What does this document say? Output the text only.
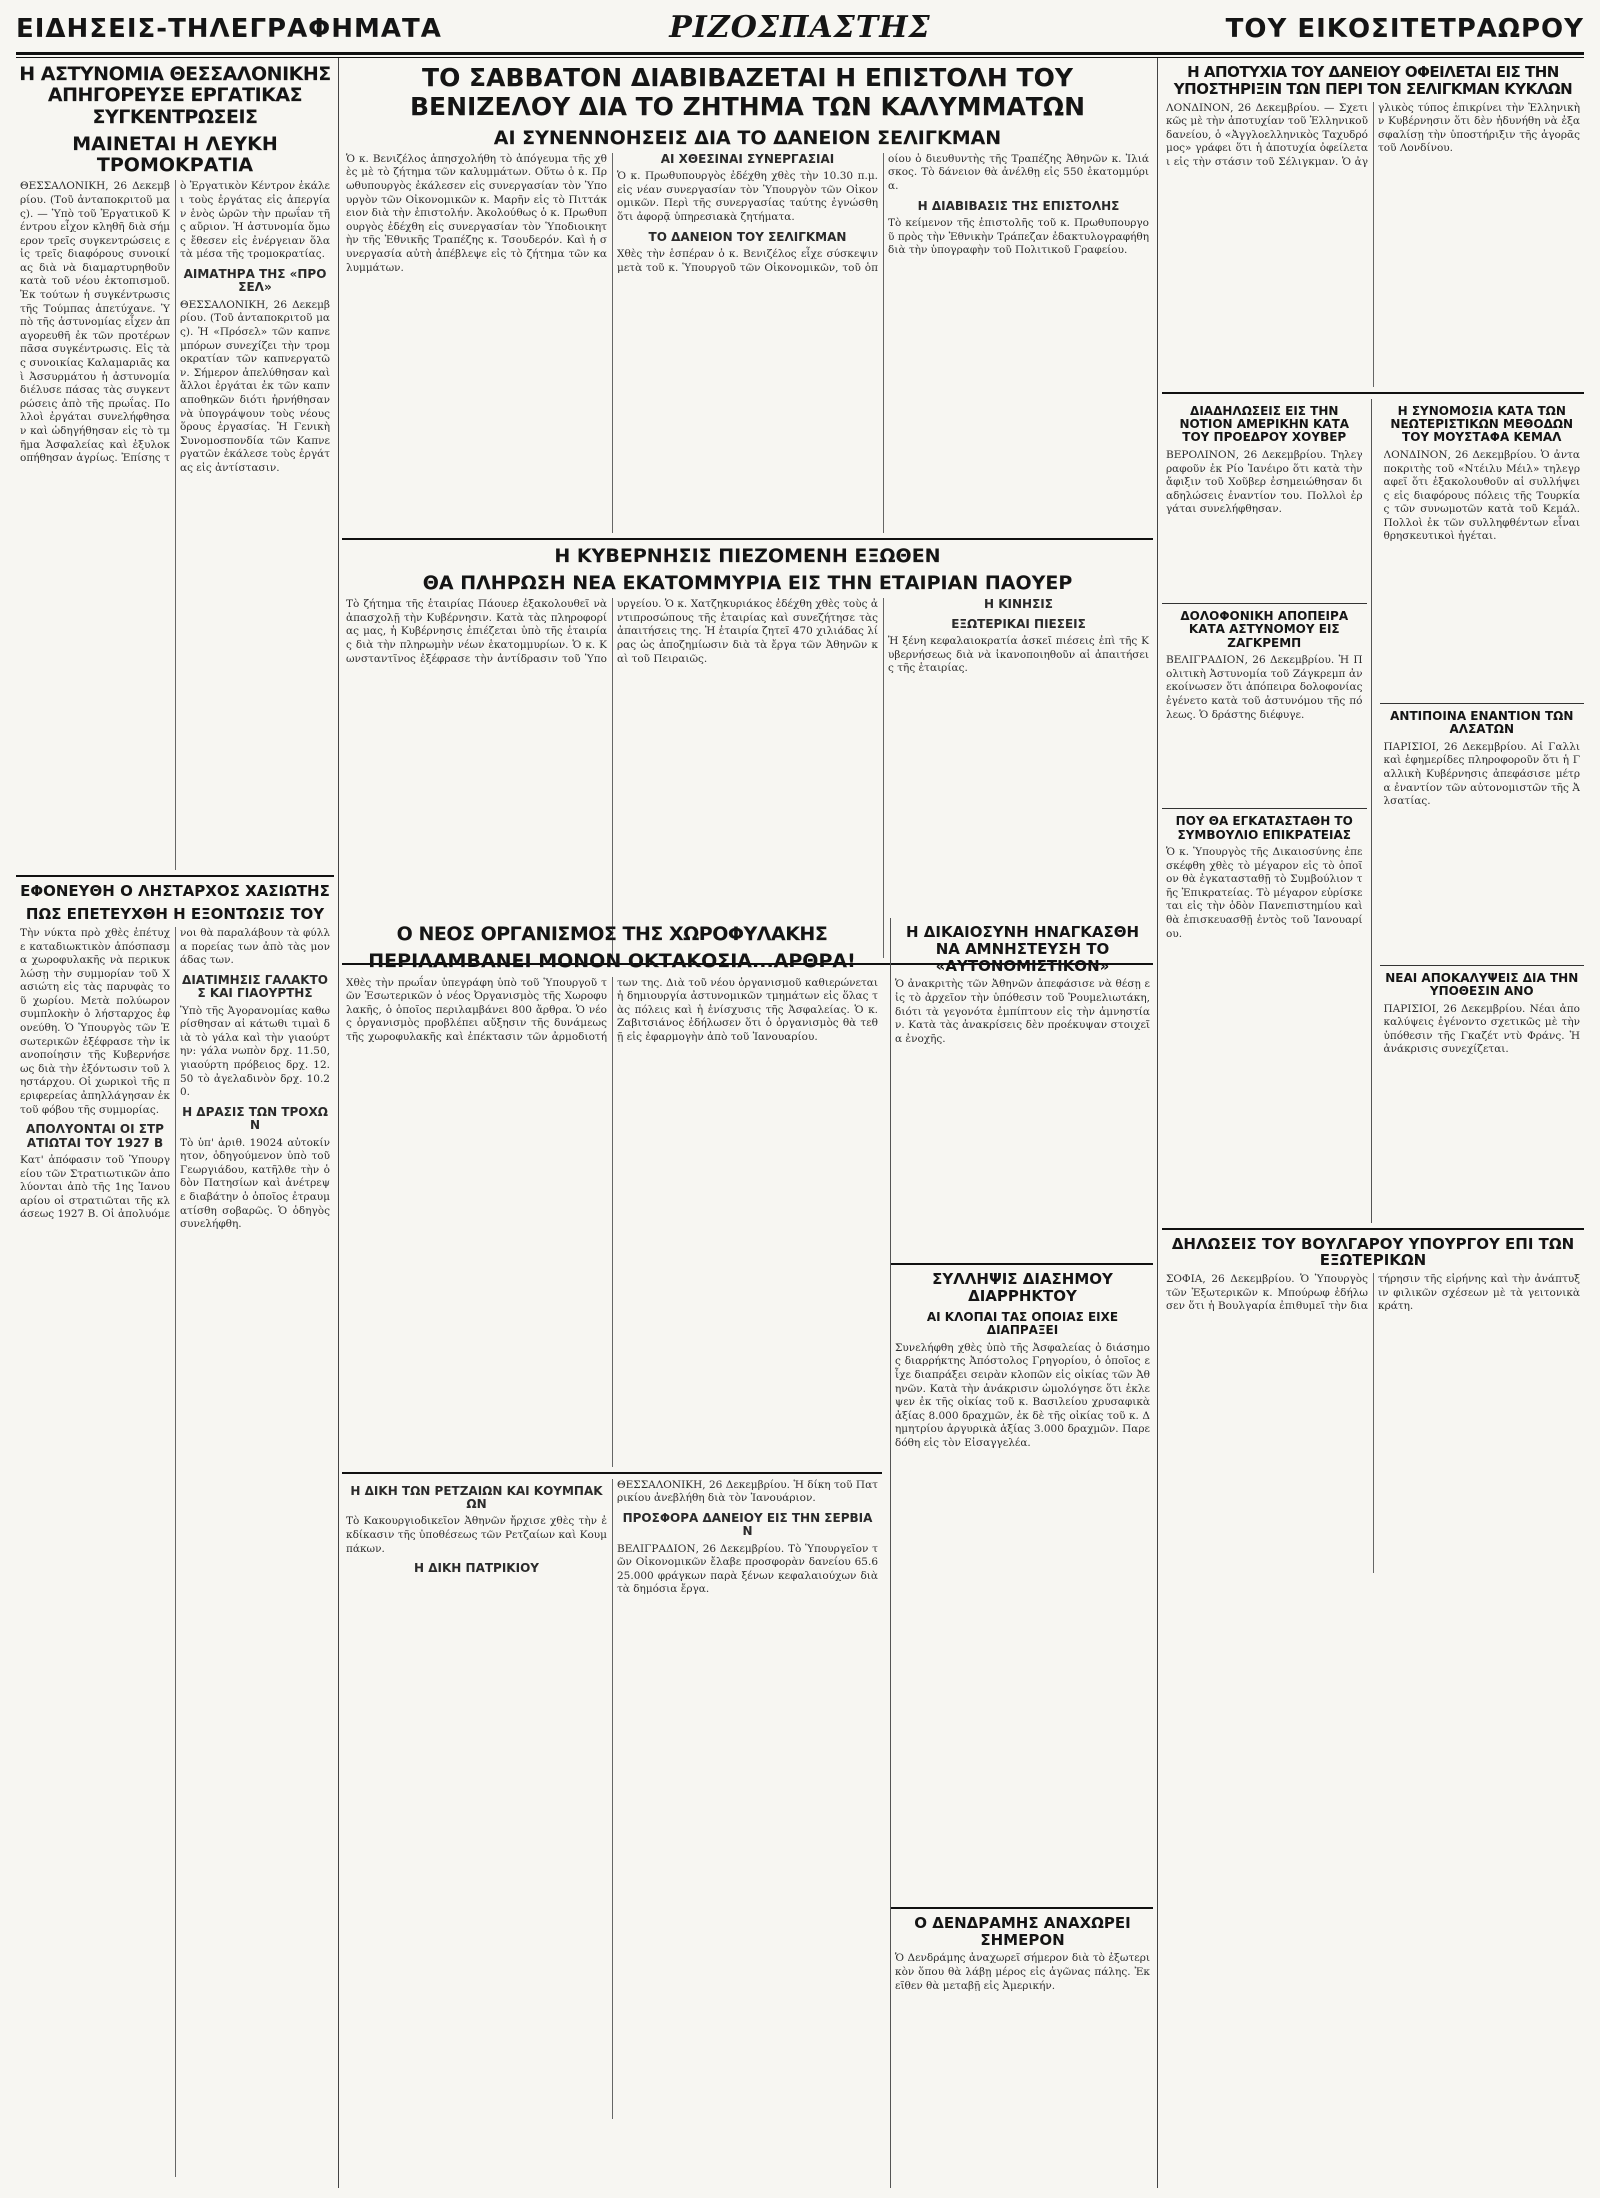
ΕΙΔΗΣΕΙΣ-ΤΗΛΕΓΡΑΦΗΜΑΤΑ	ΡΙΖΟΣΠΑΣΤΗΣ	ΤΟΥ ΕΙΚΟΣΙΤΕΤΡΑΩΡΟΥ
Η ΑΣΤΥΝΟΜΙΑ ΘΕΣΣΑΛΟΝΙΚΗΣ ΑΠΗΓΟΡΕΥΣΕ ΕΡΓΑΤΙΚΑΣ ΣΥΓΚΕΝΤΡΩΣΕΙΣ
ΜΑΙΝΕΤΑΙ Η ΛΕΥΚΗ ΤΡΟΜΟΚΡΑΤΙΑ
ΘΕΣΣΑΛΟΝΙΚΗ, 26 Δεκεμβρίου. (Τοῦ ἀνταποκριτοῦ μας). — Ὑπὸ τοῦ Ἐργατικοῦ Κέντρου εἶχον κληθῆ διὰ σήμερον τρεῖς συγκεντρώσεις εἰς τρεῖς διαφόρους συνοικίας διὰ νὰ διαμαρτυρηθοῦν κατὰ τοῦ νέου ἐκτοπισμοῦ. Ἐκ τούτων ἡ συγκέντρωσις τῆς Τούμπας ἀπετύχανε. Ὑπὸ τῆς ἀστυνομίας εἶχεν ἀπαγορευθῆ ἐκ τῶν προτέρων πᾶσα συγκέντρωσις. Εἰς τὰς συνοικίας Καλαμαριᾶς καὶ Ἀσσυρμάτου ἡ ἀστυνομία διέλυσε πάσας τὰς συγκεντρώσεις ἀπὸ τῆς πρωΐας. Πολλοὶ ἐργάται συνελήφθησαν καὶ ὡδηγήθησαν εἰς τὸ τμῆμα Ἀσφαλείας καὶ ἐξυλοκοπήθησαν ἀγρίως. Ἐπίσης τὸ Ἐργατικὸν Κέντρον ἐκάλει τοὺς ἐργάτας εἰς ἀπεργίαν ἑνὸς ὡρῶν τὴν πρωΐαν τῆς αὔριον. Ἡ ἀστυνομία ὅμως ἔθεσεν εἰς ἐνέργειαν ὅλα τὰ μέσα τῆς τρομοκρατίας.
ΑΙΜΑΤΗΡΑ ΤΗΣ «ΠΡΟΣΕΛ»
ΘΕΣΣΑΛΟΝΙΚΗ, 26 Δεκεμβρίου. (Τοῦ ἀνταποκριτοῦ μας). Ἡ «Πρόσελ» τῶν καπνεμπόρων συνεχίζει τὴν τρομοκρατίαν τῶν καπνεργατῶν. Σήμερον ἀπελύθησαν καὶ ἄλλοι ἐργάται ἐκ τῶν καπναποθηκῶν διότι ἠρνήθησαν νὰ ὑπογράψουν τοὺς νέους ὅρους ἐργασίας. Ἡ Γενικὴ Συνομοσπονδία τῶν Καπνεργατῶν ἐκάλεσε τοὺς ἐργάτας εἰς ἀντίστασιν.
ΕΦΟΝΕΥΘΗ Ο ΛΗΣΤΑΡΧΟΣ ΧΑΣΙΩΤΗΣ
ΠΩΣ ΕΠΕΤΕΥΧΘΗ Η ΕΞΟΝΤΩΣΙΣ ΤΟΥ
Τὴν νύκτα πρὸ χθὲς ἐπέτυχε καταδιωκτικὸν ἀπόσπασμα χωροφυλακῆς νὰ περικυκλώσῃ τὴν συμμορίαν τοῦ Χασιώτη εἰς τὰς παρυφὰς τοῦ χωρίου. Μετὰ πολύωρον συμπλοκὴν ὁ λήσταρχος ἐφονεύθη. Ὁ Ὑπουργὸς τῶν Ἐσωτερικῶν ἐξέφρασε τὴν ἱκανοποίησιν τῆς Κυβερνήσεως διὰ τὴν ἐξόντωσιν τοῦ ληστάρχου. Οἱ χωρικοὶ τῆς περιφερείας ἀπηλλάγησαν ἐκ τοῦ φόβου τῆς συμμορίας.
ΑΠΟΛΥΟΝΤΑΙ ΟΙ ΣΤΡΑΤΙΩΤΑΙ ΤΟΥ 1927 Β
Κατ' ἀπόφασιν τοῦ Ὑπουργείου τῶν Στρατιωτικῶν ἀπολύονται ἀπὸ τῆς 1ης Ἰανουαρίου οἱ στρατιῶται τῆς κλάσεως 1927 Β. Οἱ ἀπολυόμενοι θὰ παραλάβουν τὰ φύλλα πορείας των ἀπὸ τὰς μονάδας των.
ΔΙΑΤΙΜΗΣΙΣ ΓΑΛΑΚΤΟΣ ΚΑΙ ΓΙΑΟΥΡΤΗΣ
Ὑπὸ τῆς Ἀγορανομίας καθωρίσθησαν αἱ κάτωθι τιμαὶ διὰ τὸ γάλα καὶ τὴν γιαούρτην: γάλα νωπὸν δρχ. 11.50, γιαούρτη πρόβειος δρχ. 12.50 τὸ ἀγελαδινὸν δρχ. 10.20.
Η ΔΡΑΣΙΣ ΤΩΝ ΤΡΟΧΩΝ
Τὸ ὑπ' ἀριθ. 19024 αὐτοκίνητον, ὁδηγούμενον ὑπὸ τοῦ Γεωργιάδου, κατῆλθε τὴν ὁδὸν Πατησίων καὶ ἀνέτρεψε διαβάτην ὁ ὁποῖος ἐτραυματίσθη σοβαρῶς. Ὁ ὁδηγὸς συνελήφθη.
ΤΟ ΣΑΒΒΑΤΟΝ ΔΙΑΒΙΒΑΖΕΤΑΙ Η ΕΠΙΣΤΟΛΗ ΤΟΥ ΒΕΝΙΖΕΛΟΥ ΔΙΑ ΤΟ ΖΗΤΗΜΑ ΤΩΝ ΚΑΛΥΜΜΑΤΩΝ
ΑΙ ΣΥΝΕΝΝΟΗΣΕΙΣ ΔΙΑ ΤΟ ΔΑΝΕΙΟΝ ΣΕΛΙΓΚΜΑΝ
Ὁ κ. Βενιζέλος ἀπησχολήθη τὸ ἀπόγευμα τῆς χθὲς μὲ τὸ ζήτημα τῶν καλυμμάτων. Οὕτω ὁ κ. Πρωθυπουργὸς ἐκάλεσεν εἰς συνεργασίαν τὸν Ὑπουργὸν τῶν Οἰκονομικῶν κ. Μαρῆν εἰς τὸ Πιττάκειον διὰ τὴν ἐπιστολήν. Ἀκολούθως ὁ κ. Πρωθυπουργὸς ἐδέχθη εἰς συνεργασίαν τὸν Ὑποδιοικητὴν τῆς Ἐθνικῆς Τραπέζης κ. Τσουδερόν. Καὶ ἡ συνεργασία αὐτὴ ἀπέβλεψε εἰς τὸ ζήτημα τῶν καλυμμάτων.
ΑΙ ΧΘΕΣΙΝΑΙ ΣΥΝΕΡΓΑΣΙΑΙ
Ὁ κ. Πρωθυπουργὸς ἐδέχθη χθὲς τὴν 10.30 π.μ. εἰς νέαν συνεργασίαν τὸν Ὑπουργὸν τῶν Οἰκονομικῶν. Περὶ τῆς συνεργασίας ταύτης ἐγνώσθη ὅτι ἀφορᾷ ὑπηρεσιακὰ ζητήματα.
ΤΟ ΔΑΝΕΙΟΝ ΤΟΥ ΣΕΛΙΓΚΜΑΝ
Χθὲς τὴν ἑσπέραν ὁ κ. Βενιζέλος εἶχε σύσκεψιν μετὰ τοῦ κ. Ὑπουργοῦ τῶν Οἰκονομικῶν, τοῦ ὁποίου ὁ διευθυντὴς τῆς Τραπέζης Ἀθηνῶν κ. Ἰλιάσκος. Τὸ δάνειον θὰ ἀνέλθῃ εἰς 550 ἑκατομμύρια.
Η ΔΙΑΒΙΒΑΣΙΣ ΤΗΣ ΕΠΙΣΤΟΛΗΣ
Τὸ κείμενον τῆς ἐπιστολῆς τοῦ κ. Πρωθυπουργοῦ πρὸς τὴν Ἐθνικὴν Τράπεζαν ἐδακτυλογραφήθη διὰ τὴν ὑπογραφὴν τοῦ Πολιτικοῦ Γραφείου.
Η ΚΥΒΕΡΝΗΣΙΣ ΠΙΕΖΟΜΕΝΗ ΕΞΩΘΕΝ
ΘΑ ΠΛΗΡΩΣΗ ΝΕΑ ΕΚΑΤΟΜΜΥΡΙΑ ΕΙΣ ΤΗΝ ΕΤΑΙΡΙΑΝ ΠΑΟΥΕΡ
Τὸ ζήτημα τῆς ἑταιρίας Πάουερ ἐξακολουθεῖ νὰ ἀπασχολῇ τὴν Κυβέρνησιν. Κατὰ τὰς πληροφορίας μας, ἡ Κυβέρνησις ἐπιέζεται ὑπὸ τῆς ἑταιρίας διὰ τὴν πληρωμὴν νέων ἑκατομμυρίων. Ὁ κ. Κωνσταντῖνος ἐξέφρασε τὴν ἀντίδρασιν τοῦ Ὑπουργείου. Ὁ κ. Χατζηκυριάκος ἐδέχθη χθὲς τοὺς ἀντιπροσώπους τῆς ἑταιρίας καὶ συνεζήτησε τὰς ἀπαιτήσεις της. Ἡ ἑταιρία ζητεῖ 470 χιλιάδας λίρας ὡς ἀποζημίωσιν διὰ τὰ ἔργα τῶν Ἀθηνῶν καὶ τοῦ Πειραιῶς.
Η ΚΙΝΗΣΙΣ
ΕΞΩΤΕΡΙΚΑΙ ΠΙΕΣΕΙΣ
Ἡ ξένη κεφαλαιοκρατία ἀσκεῖ πιέσεις ἐπὶ τῆς Κυβερνήσεως διὰ νὰ ἱκανοποιηθοῦν αἱ ἀπαιτήσεις τῆς ἑταιρίας.
Ο ΝΕΟΣ ΟΡΓΑΝΙΣΜΟΣ ΤΗΣ ΧΩΡΟΦΥΛΑΚΗΣ
ΠΕΡΙΛΑΜΒΑΝΕΙ ΜΟΝΟΝ ΟΚΤΑΚΟΣΙΑ...ΑΡΘΡΑ!
Χθὲς τὴν πρωΐαν ὑπεγράφη ὑπὸ τοῦ Ὑπουργοῦ τῶν Ἐσωτερικῶν ὁ νέος Ὀργανισμὸς τῆς Χωροφυλακῆς, ὁ ὁποῖος περιλαμβάνει 800 ἄρθρα. Ὁ νέος ὀργανισμὸς προβλέπει αὔξησιν τῆς δυνάμεως τῆς χωροφυλακῆς καὶ ἐπέκτασιν τῶν ἀρμοδιοτήτων της. Διὰ τοῦ νέου ὀργανισμοῦ καθιερώνεται ἡ δημιουργία ἀστυνομικῶν τμημάτων εἰς ὅλας τὰς πόλεις καὶ ἡ ἐνίσχυσις τῆς Ἀσφαλείας. Ὁ κ. Ζαβιτσιάνος ἐδήλωσεν ὅτι ὁ ὀργανισμὸς θὰ τεθῇ εἰς ἐφαρμογὴν ἀπὸ τοῦ Ἰανουαρίου.
Η ΔΙΚΗ ΤΩΝ ΡΕΤΖΑΙΩΝ ΚΑΙ ΚΟΥΜΠΑΚΩΝ
Τὸ Κακουργιοδικεῖον Ἀθηνῶν ἤρχισε χθὲς τὴν ἐκδίκασιν τῆς ὑποθέσεως τῶν Ρετζαίων καὶ Κουμπάκων.
Η ΔΙΚΗ ΠΑΤΡΙΚΙΟΥ
ΘΕΣΣΑΛΟΝΙΚΗ, 26 Δεκεμβρίου. Ἡ δίκη τοῦ Πατρικίου ἀνεβλήθη διὰ τὸν Ἰανουάριον.
ΠΡΟΣΦΟΡΑ ΔΑΝΕΙΟΥ ΕΙΣ ΤΗΝ ΣΕΡΒΙΑΝ
ΒΕΛΙΓΡΑΔΙΟΝ, 26 Δεκεμβρίου. Τὸ Ὑπουργεῖον τῶν Οἰκονομικῶν ἔλαβε προσφορὰν δανείου 65.625.000 φράγκων παρὰ ξένων κεφαλαιούχων διὰ τὰ δημόσια ἔργα.
Η ΔΙΚΑΙΟΣΥΝΗ ΗΝΑΓΚΑΣΘΗ ΝΑ ΑΜΝΗΣΤΕΥΣΗ ΤΟ «ΑΥΤΟΝΟΜΙΣΤΙΚΟΝ»
Ὁ ἀνακριτὴς τῶν Ἀθηνῶν ἀπεφάσισε νὰ θέσῃ εἰς τὸ ἀρχεῖον τὴν ὑπόθεσιν τοῦ Ῥουμελιωτάκη, διότι τὰ γεγονότα ἐμπίπτουν εἰς τὴν ἀμνηστίαν. Κατὰ τὰς ἀνακρίσεις δὲν προέκυψαν στοιχεῖα ἐνοχῆς.
ΣΥΛΛΗΨΙΣ ΔΙΑΣΗΜΟΥ ΔΙΑΡΡΗΚΤΟΥ
ΑΙ ΚΛΟΠΑΙ ΤΑΣ ΟΠΟΙΑΣ ΕΙΧΕ ΔΙΑΠΡΑΞΕΙ
Συνελήφθη χθὲς ὑπὸ τῆς Ἀσφαλείας ὁ διάσημος διαρρήκτης Ἀπόστολος Γρηγορίου, ὁ ὁποῖος εἶχε διαπράξει σειρὰν κλοπῶν εἰς οἰκίας τῶν Ἀθηνῶν. Κατὰ τὴν ἀνάκρισιν ὡμολόγησε ὅτι ἐκλεψεν ἐκ τῆς οἰκίας τοῦ κ. Βασιλείου χρυσαφικὰ ἀξίας 8.000 δραχμῶν, ἐκ δὲ τῆς οἰκίας τοῦ κ. Δημητρίου ἀργυρικὰ ἀξίας 3.000 δραχμῶν. Παρεδόθη εἰς τὸν Εἰσαγγελέα.
Ο ΔΕΝΔΡΑΜΗΣ ΑΝΑΧΩΡΕΙ ΣΗΜΕΡΟΝ
Ὁ Δενδράμης ἀναχωρεῖ σήμερον διὰ τὸ ἐξωτερικὸν ὅπου θὰ λάβῃ μέρος εἰς ἀγῶνας πάλης. Ἐκεῖθεν θὰ μεταβῇ εἰς Ἀμερικήν.
Η ΑΠΟΤΥΧΙΑ ΤΟΥ ΔΑΝΕΙΟΥ ΟΦΕΙΛΕΤΑΙ ΕΙΣ ΤΗΝ ΥΠΟΣΤΗΡΙΞΙΝ ΤΩΝ ΠΕΡΙ ΤΟΝ ΣΕΛΙΓΚΜΑΝ ΚΥΚΛΩΝ
ΛΟΝΔΙΝΟΝ, 26 Δεκεμβρίου. — Σχετικῶς μὲ τὴν ἀποτυχίαν τοῦ Ἑλληνικοῦ δανείου, ὁ «Ἀγγλοελληνικὸς Ταχυδρόμος» γράφει ὅτι ἡ ἀποτυχία ὀφείλεται εἰς τὴν στάσιν τοῦ Σέλιγκμαν. Ὁ ἀγγλικὸς τύπος ἐπικρίνει τὴν Ἑλληνικὴν Κυβέρνησιν ὅτι δὲν ἠδυνήθη νὰ ἐξασφαλίσῃ τὴν ὑποστήριξιν τῆς ἀγορᾶς τοῦ Λονδίνου.
ΔΙΑΔΗΛΩΣΕΙΣ ΕΙΣ ΤΗΝ ΝΟΤΙΟΝ ΑΜΕΡΙΚΗΝ ΚΑΤΑ ΤΟΥ ΠΡΟΕΔΡΟΥ ΧΟΥΒΕΡ
ΒΕΡΟΛΙΝΟΝ, 26 Δεκεμβρίου. Τηλεγραφοῦν ἐκ Ρίο Ἰανέιρο ὅτι κατὰ τὴν ἄφιξιν τοῦ Χοῦβερ ἐσημειώθησαν διαδηλώσεις ἐναντίον του. Πολλοὶ ἐργάται συνελήφθησαν.
ΔΟΛΟΦΟΝΙΚΗ ΑΠΟΠΕΙΡΑ ΚΑΤΑ ΑΣΤΥΝΟΜΟΥ ΕΙΣ ΖΑΓΚΡΕΜΠ
ΒΕΛΙΓΡΑΔΙΟΝ, 26 Δεκεμβρίου. Ἡ Πολιτικὴ Ἀστυνομία τοῦ Ζάγκρεμπ ἀνεκοίνωσεν ὅτι ἀπόπειρα δολοφονίας ἐγένετο κατὰ τοῦ ἀστυνόμου τῆς πόλεως. Ὁ δράστης διέφυγε.
ΠΟΥ ΘΑ ΕΓΚΑΤΑΣΤΑΘΗ ΤΟ ΣΥΜΒΟΥΛΙΟ ΕΠΙΚΡΑΤΕΙΑΣ
Ὁ κ. Ὑπουργὸς τῆς Δικαιοσύνης ἐπεσκέφθη χθὲς τὸ μέγαρον εἰς τὸ ὁποῖον θὰ ἐγκατασταθῇ τὸ Συμβούλιον τῆς Ἐπικρατείας. Τὸ μέγαρον εὑρίσκεται εἰς τὴν ὁδὸν Πανεπιστημίου καὶ θὰ ἐπισκευασθῇ ἐντὸς τοῦ Ἰανουαρίου.
Η ΣΥΝΟΜΟΣΙΑ ΚΑΤΑ ΤΩΝ ΝΕΩΤΕΡΙΣΤΙΚΩΝ ΜΕΘΟΔΩΝ ΤΟΥ ΜΟΥΣΤΑΦΑ ΚΕΜΑΛ
ΛΟΝΔΙΝΟΝ, 26 Δεκεμβρίου. Ὁ ἀνταποκριτὴς τοῦ «Ντέιλυ Μέιλ» τηλεγραφεῖ ὅτι ἐξακολουθοῦν αἱ συλλήψεις εἰς διαφόρους πόλεις τῆς Τουρκίας τῶν συνωμοτῶν κατὰ τοῦ Κεμάλ. Πολλοὶ ἐκ τῶν συλληφθέντων εἶναι θρησκευτικοὶ ἡγέται.
ΑΝΤΙΠΟΙΝΑ ΕΝΑΝΤΙΟΝ ΤΩΝ ΑΛΣΑΤΩΝ
ΠΑΡΙΣΙΟΙ, 26 Δεκεμβρίου. Αἱ Γαλλικαὶ ἐφημερίδες πληροφοροῦν ὅτι ἡ Γαλλικὴ Κυβέρνησις ἀπεφάσισε μέτρα ἐναντίον τῶν αὐτονομιστῶν τῆς Ἀλσατίας.
ΝΕΑΙ ΑΠΟΚΑΛΥΨΕΙΣ ΔΙΑ ΤΗΝ ΥΠΟΘΕΣΙΝ ΑΝΟ
ΠΑΡΙΣΙΟΙ, 26 Δεκεμβρίου. Νέαι ἀποκαλύψεις ἐγένοντο σχετικῶς μὲ τὴν ὑπόθεσιν τῆς Γκαζέτ ντὺ Φράνς. Ἡ ἀνάκρισις συνεχίζεται.
ΔΗΛΩΣΕΙΣ ΤΟΥ ΒΟΥΛΓΑΡΟΥ ΥΠΟΥΡΓΟΥ ΕΠΙ ΤΩΝ ΕΞΩΤΕΡΙΚΩΝ
ΣΟΦΙΑ, 26 Δεκεμβρίου. Ὁ Ὑπουργὸς τῶν Ἐξωτερικῶν κ. Μπούρωφ ἐδήλωσεν ὅτι ἡ Βουλγαρία ἐπιθυμεῖ τὴν διατήρησιν τῆς εἰρήνης καὶ τὴν ἀνάπτυξιν φιλικῶν σχέσεων μὲ τὰ γειτονικὰ κράτη.
